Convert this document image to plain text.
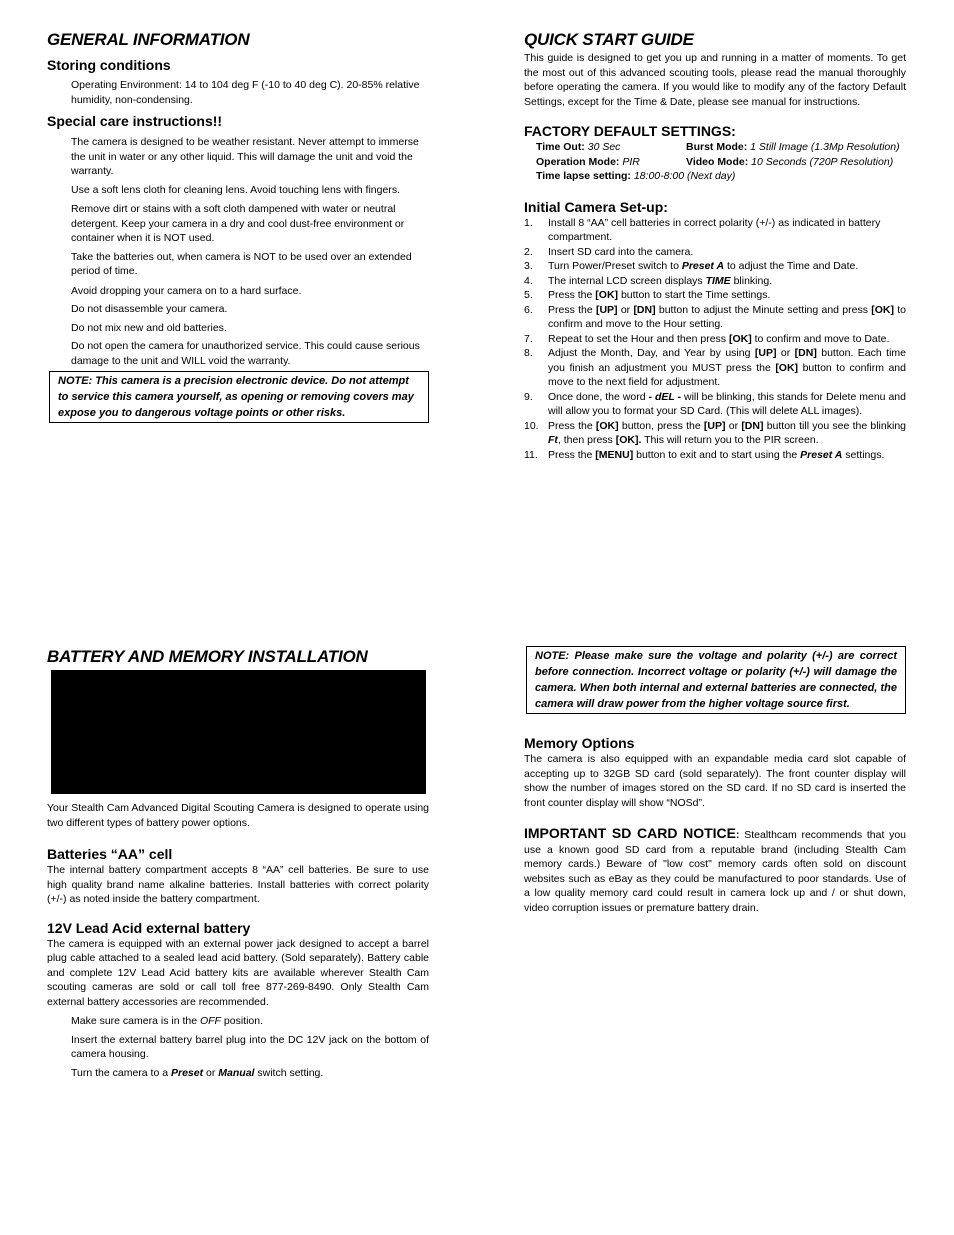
GENERAL INFORMATION
Storing conditions

Operating Environment: 14 to 104 deg F (-10 to 40 deg C). 20-85% relative humidity, non-condensing.

Special care instructions!!

The camera is designed to be weather resistant. Never attempt to immerse the unit in water or any other liquid. This will damage the unit and void the warranty.

Use a soft lens cloth for cleaning lens. Avoid touching lens with fingers.

Remove dirt or stains with a soft cloth dampened with water or neutral detergent. Keep your camera in a dry and cool dust-free environment or container when it is NOT used.

Take the batteries out, when camera is NOT to be used over an extended period of time.

Avoid dropping your camera on to a hard surface.

Do not disassemble your camera.

Do not mix new and old batteries.

Do not open the camera for unauthorized service. This could cause serious damage to the unit and WILL void the warranty.

NOTE: This camera is a precision electronic device. Do not attempt to service this camera yourself, as opening or removing covers may expose you to dangerous voltage points or other risks.
QUICK START GUIDE

This guide is designed to get you up and running in a matter of moments. To get the most out of this advanced scouting tools, please read the manual thoroughly before operating the camera. If you would like to modify any of the factory Default Settings, except for the Time & Date, please see manual for instructions.

FACTORY DEFAULT SETTINGS:
Time Out: 30 Sec	Burst Mode: 1 Still Image (1.3Mp Resolution)
Operation Mode: PIR	Video Mode: 10 Seconds (720P Resolution)
Time lapse setting: 18:00-8:00 (Next day)
Initial Camera Set-up:
1. Install 8 “AA” cell batteries in correct polarity (+/-) as indicated in battery compartment.
2. Insert SD card into the camera.
3. Turn Power/Preset switch to Preset A to adjust the Time and Date.
4. The internal LCD screen displays TIME blinking.
5. Press the [OK] button to start the Time settings.
6. Press the [UP] or [DN] button to adjust the Minute setting and press [OK] to confirm and move to the Hour setting.
7. Repeat to set the Hour and then press [OK] to confirm and move to Date.
8. Adjust the Month, Day, and Year by using [UP] or [DN] button. Each time you finish an adjustment you MUST press the [OK] button to confirm and move to the next field for adjustment.
9. Once done, the word - dEL - will be blinking, this stands for Delete menu and will allow you to format your SD Card. (This will delete ALL images).
10. Press the [OK] button, press the [UP] or [DN] button till you see the blinking Ft, then press [OK]. This will return you to the PIR screen.
11. Press the [MENU] button to exit and to start using the Preset A settings.
BATTERY AND MEMORY INSTALLATION

Your Stealth Cam Advanced Digital Scouting Camera is designed to operate using two different types of battery power options.

Batteries “AA” cell

The internal battery compartment accepts 8 “AA” cell batteries. Be sure to use high quality brand name alkaline batteries. Install batteries with correct polarity (+/-) as noted inside the battery compartment.

12V Lead Acid external battery

The camera is equipped with an external power jack designed to accept a barrel plug cable attached to a sealed lead acid battery. (Sold separately). Battery cable and complete 12V Lead Acid battery kits are available wherever Stealth Cam scouting cameras are sold or call toll free 877-269-8490. Only Stealth Cam external battery accessories are recommended.

Make sure camera is in the OFF position.

Insert the external battery barrel plug into the DC 12V jack on the bottom of camera housing.

Turn the camera to a Preset or Manual switch setting.

NOTE: Please make sure the voltage and polarity (+/-) are correct before connection. Incorrect voltage or polarity (+/-) will damage the camera. When both internal and external batteries are connected, the camera will draw power from the higher voltage source first.
Memory Options

The camera is also equipped with an expandable media card slot capable of accepting up to 32GB SD card (sold separately). The front counter display will show the number of images stored on the SD card. If no SD card is inserted the front counter display will show “NOSd”.

IMPORTANT SD CARD NOTICE: Stealthcam recommends that you use a known good SD card from a reputable brand (including Stealth Cam memory cards.) Beware of "low cost" memory cards often sold on discount websites such as eBay as they could be manufactured to poor standards. Use of a low quality memory card could result in camera lock up and / or shut down, video corruption issues or premature battery drain.
